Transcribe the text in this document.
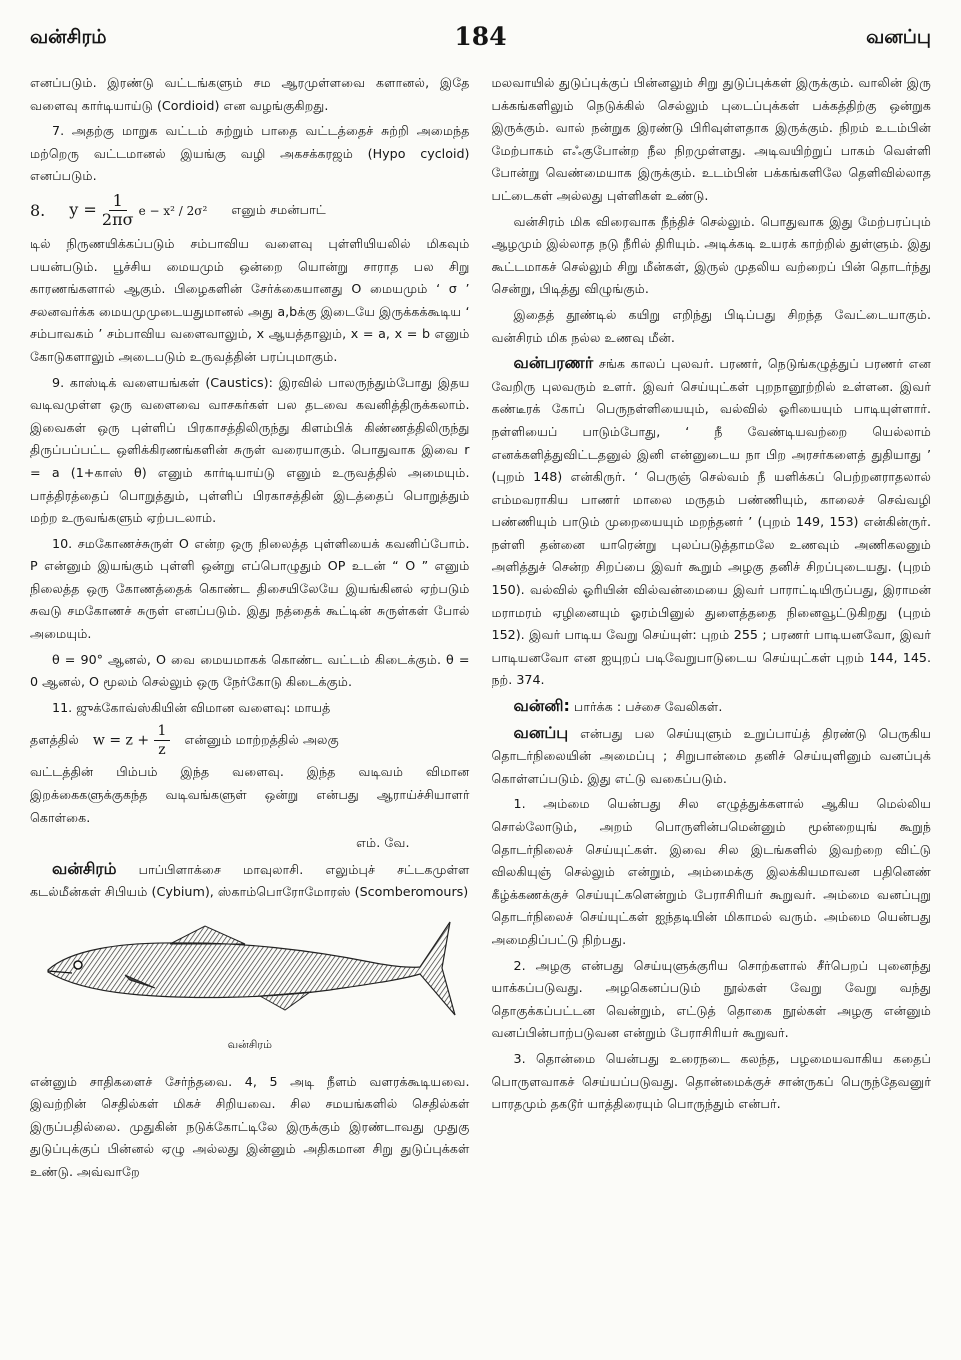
வன்சிரம்	184	வனப்பு

எனப்படும். இரண்டு வட்டங்களும் சம ஆரமுள்ளவை களானல், இதே வளைவு கார்டியாய்டு (Cordioid) என வழங்குகிறது.

7. அதற்கு மாறுக வட்டம் சுற்றும் பாதை வட்டத்தைச் சுற்றி அமைந்த மற்றெரு வட்டமானல் இயங்கு வழி அகசக்கரஜம் (Hypo cycloid) எனப்படும்.

8. $y = \frac{1}{2\pi\sigma}$ e − x² / 2σ² எனும் சமன்பாட்

டில் நிருணயிக்கப்படும் சம்பாவிய வளைவு புள்ளியியலில் மிகவும் பயன்படும். பூச்சிய மையமும் ஒன்றை யொன்று சாராத பல சிறு காரணங்களால் ஆகும். பிழைகளின் சேர்க்கையானது O மையமும் ‘ σ ’ சலனவர்க்க மையமுமுடையதுமானல் அது a,bக்கு இடையே இருக்கக்கூடிய ‘ சம்பாவகம் ’ சம்பாவிய வளைவாலும், x ஆயத்தாலும், x = a, x = b எனும் கோடுகளாலும் அடைபடும் உருவத்தின் பரப்புமாகும்.

9. காஸ்டிக் வளையங்கள் (Caustics): இரவில் பாலருந்தும்போது இதய வடிவமுள்ள ஒரு வளைவை வாசகர்கள் பல தடவை கவனித்திருக்கலாம். இவைகள் ஒரு புள்ளிப் பிரகாசத்திலிருந்து கிளம்பிக் கிண்ணத்திலிருந்து திருப்பப்பட்ட ஒளிக்கிரணங்களின் சுருள் வரையாகும். பொதுவாக இவை r = a (1+காஸ் θ) எனும் கார்டியாய்டு எனும் உருவத்தில் அமையும். பாத்திரத்தைப் பொறுத்தும், புள்ளிப் பிரகாசத்தின் இடத்தைப் பொறுத்தும் மற்ற உருவங்களும் ஏற்படலாம்.

10. சமகோணச்சுருள் O என்ற ஒரு நிலைத்த புள்ளியைக் கவனிப்போம். P என்னும் இயங்கும் புள்ளி ஒன்று எப்பொழுதும் OP உடன் “ O ” எனும் நிலைத்த ஒரு கோணத்தைக் கொண்ட திசையிலேயே இயங்கினல் ஏற்படும் சுவடு சமகோணச் சுருள் எனப்படும். இது நத்தைக் கூட்டின் சுருள்கள் போல் அமையும்.

θ = 90° ஆனல், O வை மையமாகக் கொண்ட வட்டம் கிடைக்கும். θ = 0 ஆனல், O மூலம் செல்லும் ஒரு நேர்கோடு கிடைக்கும்.

11. ஜுக்கோவ்ஸ்கியின் விமான வளைவு: மாயத்

தளத்தில் $w = z + \frac{1}{z}$ என்னும் மாற்றத்தில் அலகு

வட்டத்தின் பிம்பம் இந்த வளைவு. இந்த வடிவம் விமான இறக்கைகளுக்குகந்த வடிவங்களுள் ஒன்று என்பது ஆராய்ச்சியாளர் கொள்கை.

எம். வே.

வன்சிரம் பாப்பிளாக்சை மாவுலாசி. எலும்புச் சட்டகமுள்ள கடல்மீன்கள் சிபியம் (Cybium), ஸ்காம்பொரோமோரஸ் (Scomberomours)

வன்சிரம்

என்னும் சாதிகளைச் சேர்ந்தவை. 4, 5 அடி நீளம் வளரக்கூடியவை. இவற்றின் செதில்கள் மிகச் சிறியவை. சில சமயங்களில் செதில்கள் இருப்பதில்லை. முதுகின் நடுக்கோட்டிலே இருக்கும் இரண்டாவது முதுகு துடுப்புக்குப் பின்னல் ஏழு அல்லது இன்னும் அதிகமான சிறு துடுப்புக்கள் உண்டு. அவ்வாறே

மலவாயில் துடுப்புக்குப் பின்னலும் சிறு துடுப்புக்கள் இருக்கும். வாலின் இரு பக்கங்களிலும் நெடுக்கில் செல்லும் புடைப்புக்கள் பக்கத்திற்கு ஒன்றுக இருக்கும். வால் நன்றுக இரண்டு பிரிவுள்ளதாக இருக்கும். நிறம் உடம்பின் மேற்பாகம் எஃகுபோன்ற நீல நிறமுள்ளது. அடிவயிற்றுப் பாகம் வெள்ளி போன்று வெண்மையாக இருக்கும். உடம்பின் பக்கங்களிலே தெளிவில்லாத பட்டைகள் அல்லது புள்ளிகள் உண்டு.

வன்சிரம் மிக விரைவாக நீந்திச் செல்லும். பொதுவாக இது மேற்பரப்பும் ஆழமும் இல்லாத நடு நீரில் திரியும். அடிக்கடி உயரக் காற்றில் துள்ளும். இது கூட்டமாகச் செல்லும் சிறு மீன்கள், இருல் முதலிய வற்றைப் பின் தொடர்ந்து சென்று, பிடித்து விழுங்கும்.

இதைத் தூண்டில் கயிறு எறிந்து பிடிப்பது சிறந்த வேட்டையாகும். வன்சிரம் மிக நல்ல உணவு மீன்.

வன்பரணர் சங்க காலப் புலவர். பரணர், நெடுங்கழுத்துப் பரணர் என வேறிரு புலவரும் உளர். இவர் செய்யுட்கள் புறநானூற்றில் உள்ளன. இவர் கண்டீரக் கோப் பெருநள்ளியையும், வல்வில் ஓரியையும் பாடியுள்ளார். நள்ளியைப் பாடும்போது, ‘ நீ வேண்டியவற்றை யெல்லாம் எனக்களித்துவிட்டதனுல் இனி என்னுடைய நா பிற அரசர்களைத் துதியாது ’ (புறம் 148) என்கிருர். ‘ பெருஞ் செல்வம் நீ யளிக்கப் பெற்றனராதலால் எம்மவராகிய பாணர் மாலை மருதம் பண்ணியும், காலைச் செவ்வழி பண்ணியும் பாடும் முறையையும் மறந்தனர் ’ (புறம் 149, 153) என்கின்ருர். நள்ளி தன்னை யாரென்று புலப்படுத்தாமலே உணவும் அணிகலனும் அளித்துச் சென்ற சிறப்பை இவர் கூறும் அழகு தனிச் சிறப்புடையது. (புறம் 150). வல்வில் ஓரியின் வில்வன்மையை இவர் பாராட்டியிருப்பது, இராமன் மராமரம் ஏழினையும் ஓரம்பினுல் துளைத்ததை நினைவூட்டுகிறது (புறம் 152). இவர் பாடிய வேறு செய்யுள்: புறம் 255 ; பரணர் பாடியனவோ, இவர் பாடியனவோ என ஐயுறப் படிவேறுபாடுடைய செய்யுட்கள் புறம் 144, 145. நற். 374.

வன்னி: பார்க்க : பச்சை வேலிகள்.

வனப்பு என்பது பல செய்யுளும் உறுப்பாய்த் திரண்டு பெருகிய தொடர்நிலையின் அமைப்பு ; சிறுபான்மை தனிச் செய்யுளினும் வனப்புக் கொள்ளப்படும். இது எட்டு வகைப்படும்.

1. அம்மை யென்பது சில எழுத்துக்களால் ஆகிய மெல்லிய சொல்லோடும், அறம் பொருளின்பமென்னும் மூன்றையுங் கூறுந் தொடர்நிலைச் செய்யுட்கள். இவை சில இடங்களில் இவற்றை விட்டு விலகியுஞ் செல்லும் என்றும், அம்மைக்கு இலக்கியமாவன பதினெண் கீழ்க்கணக்குச் செய்யுட்களென்றும் பேராசிரியர் கூறுவர். அம்மை வனப்புறு தொடர்நிலைச் செய்யுட்கள் ஐந்தடியின் மிகாமல் வரும். அம்மை யென்பது அமைதிப்பட்டு நிற்பது.

2. அழகு என்பது செய்யுளுக்குரிய சொற்களால் சீர்பெறப் புனைந்து யாக்கப்படுவது. அழகெனப்படும் நூல்கள் வேறு வேறு வந்து தொகுக்கப்பட்டன வென்றும், எட்டுத் தொகை நூல்கள் அழகு என்னும் வனப்பின்பாற்படுவன என்றும் பேராசிரியர் கூறுவர்.

3. தொன்மை யென்பது உரைநடை கலந்த, பழமையவாகிய கதைப் பொருளவாகச் செய்யப்படுவது. தொன்மைக்குச் சான்ருகப் பெருந்தேவனுர் பாரதமும் தகடூர் யாத்திரையும் பொருந்தும் என்பர்.
